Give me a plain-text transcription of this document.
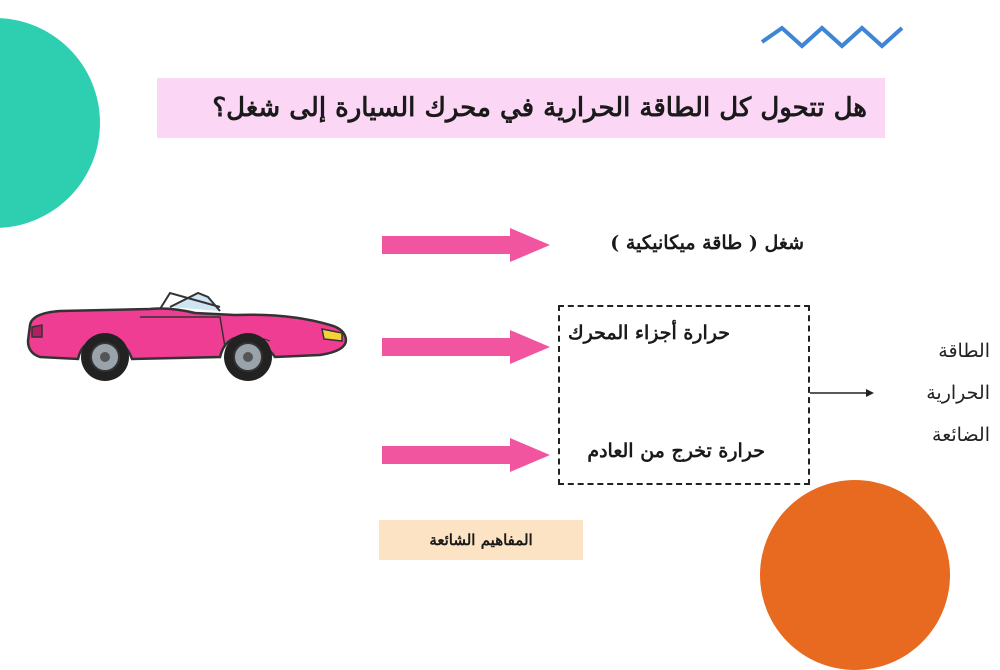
هل تتحول كل الطاقة الحرارية في محرك السيارة إلى شغل؟
شغل ( طاقة ميكانيكية )
حرارة أجزاء المحرك
حرارة تخرج من العادم
الطاقة
الحرارية
الضائعة
المفاهيم الشائعة
